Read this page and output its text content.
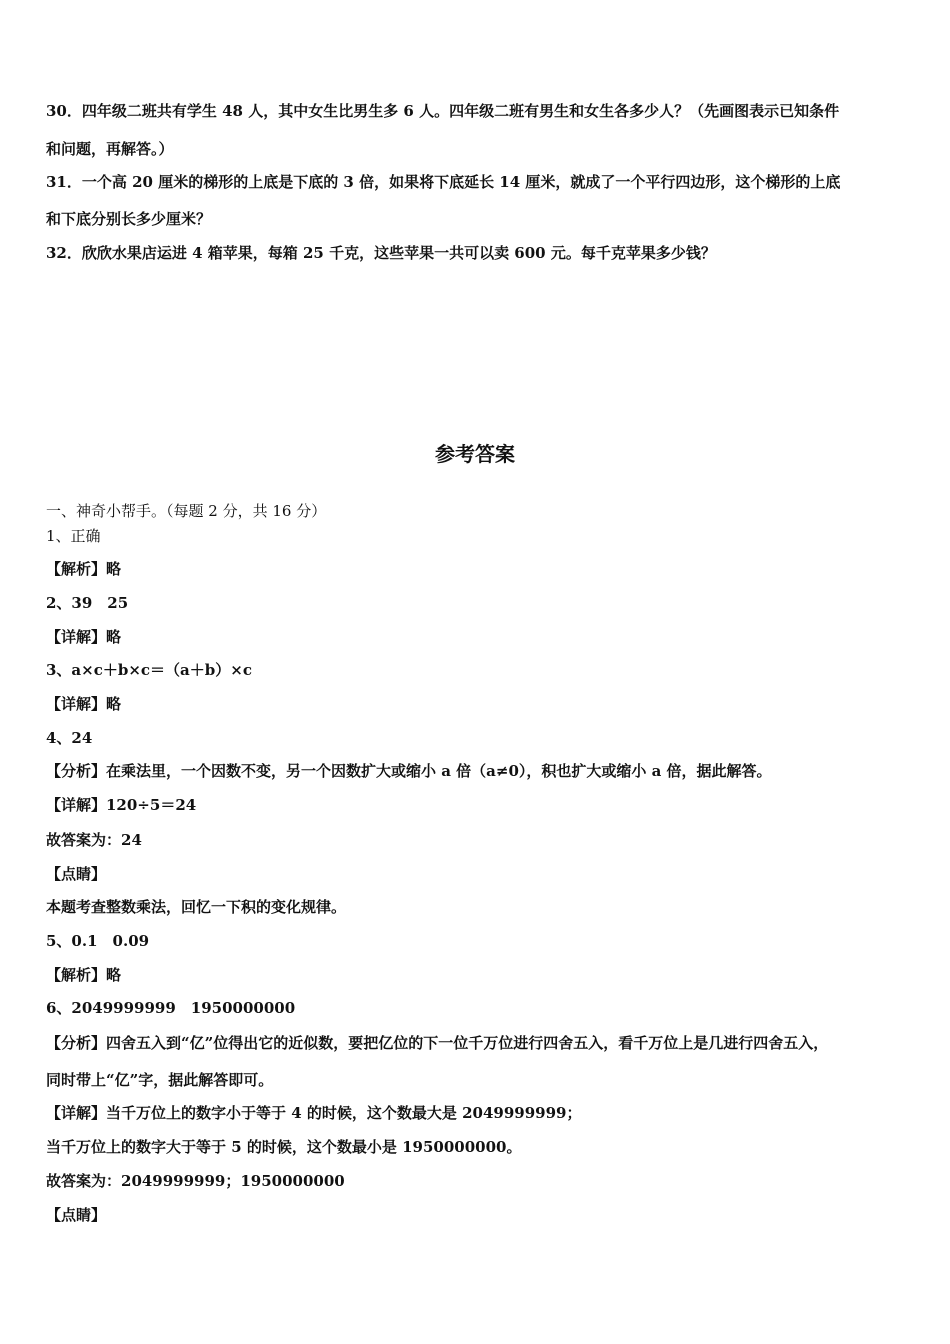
30．四年级二班共有学生 48 人，其中女生比男生多 6 人。四年级二班有男生和女生各多少人？（先画图表示已知条件
和问题，再解答。）
31．一个高 20 厘米的梯形的上底是下底的 3 倍，如果将下底延长 14 厘米，就成了一个平行四边形，这个梯形的上底
和下底分别长多少厘米？
32．欣欣水果店运进 4 箱苹果，每箱 25 千克，这些苹果一共可以卖 600 元。每千克苹果多少钱？
参考答案
一、神奇小帮手。（每题 2 分，共 16 分）
1、正确
【解析】略
2、39　25
【详解】略
3、a×c＋b×c＝（a＋b）×c
【详解】略
4、24
【分析】在乘法里，一个因数不变，另一个因数扩大或缩小 a 倍（a≠0），积也扩大或缩小 a 倍，据此解答。
【详解】120÷5＝24
故答案为：24
【点睛】
本题考查整数乘法，回忆一下积的变化规律。
5、0.1　0.09
【解析】略
6、2049999999　1950000000
【分析】四舍五入到“亿”位得出它的近似数，要把亿位的下一位千万位进行四舍五入，看千万位上是几进行四舍五入，
同时带上“亿”字，据此解答即可。
【详解】当千万位上的数字小于等于 4 的时候，这个数最大是 2049999999；
当千万位上的数字大于等于 5 的时候，这个数最小是 1950000000。
故答案为：2049999999；1950000000
【点睛】
